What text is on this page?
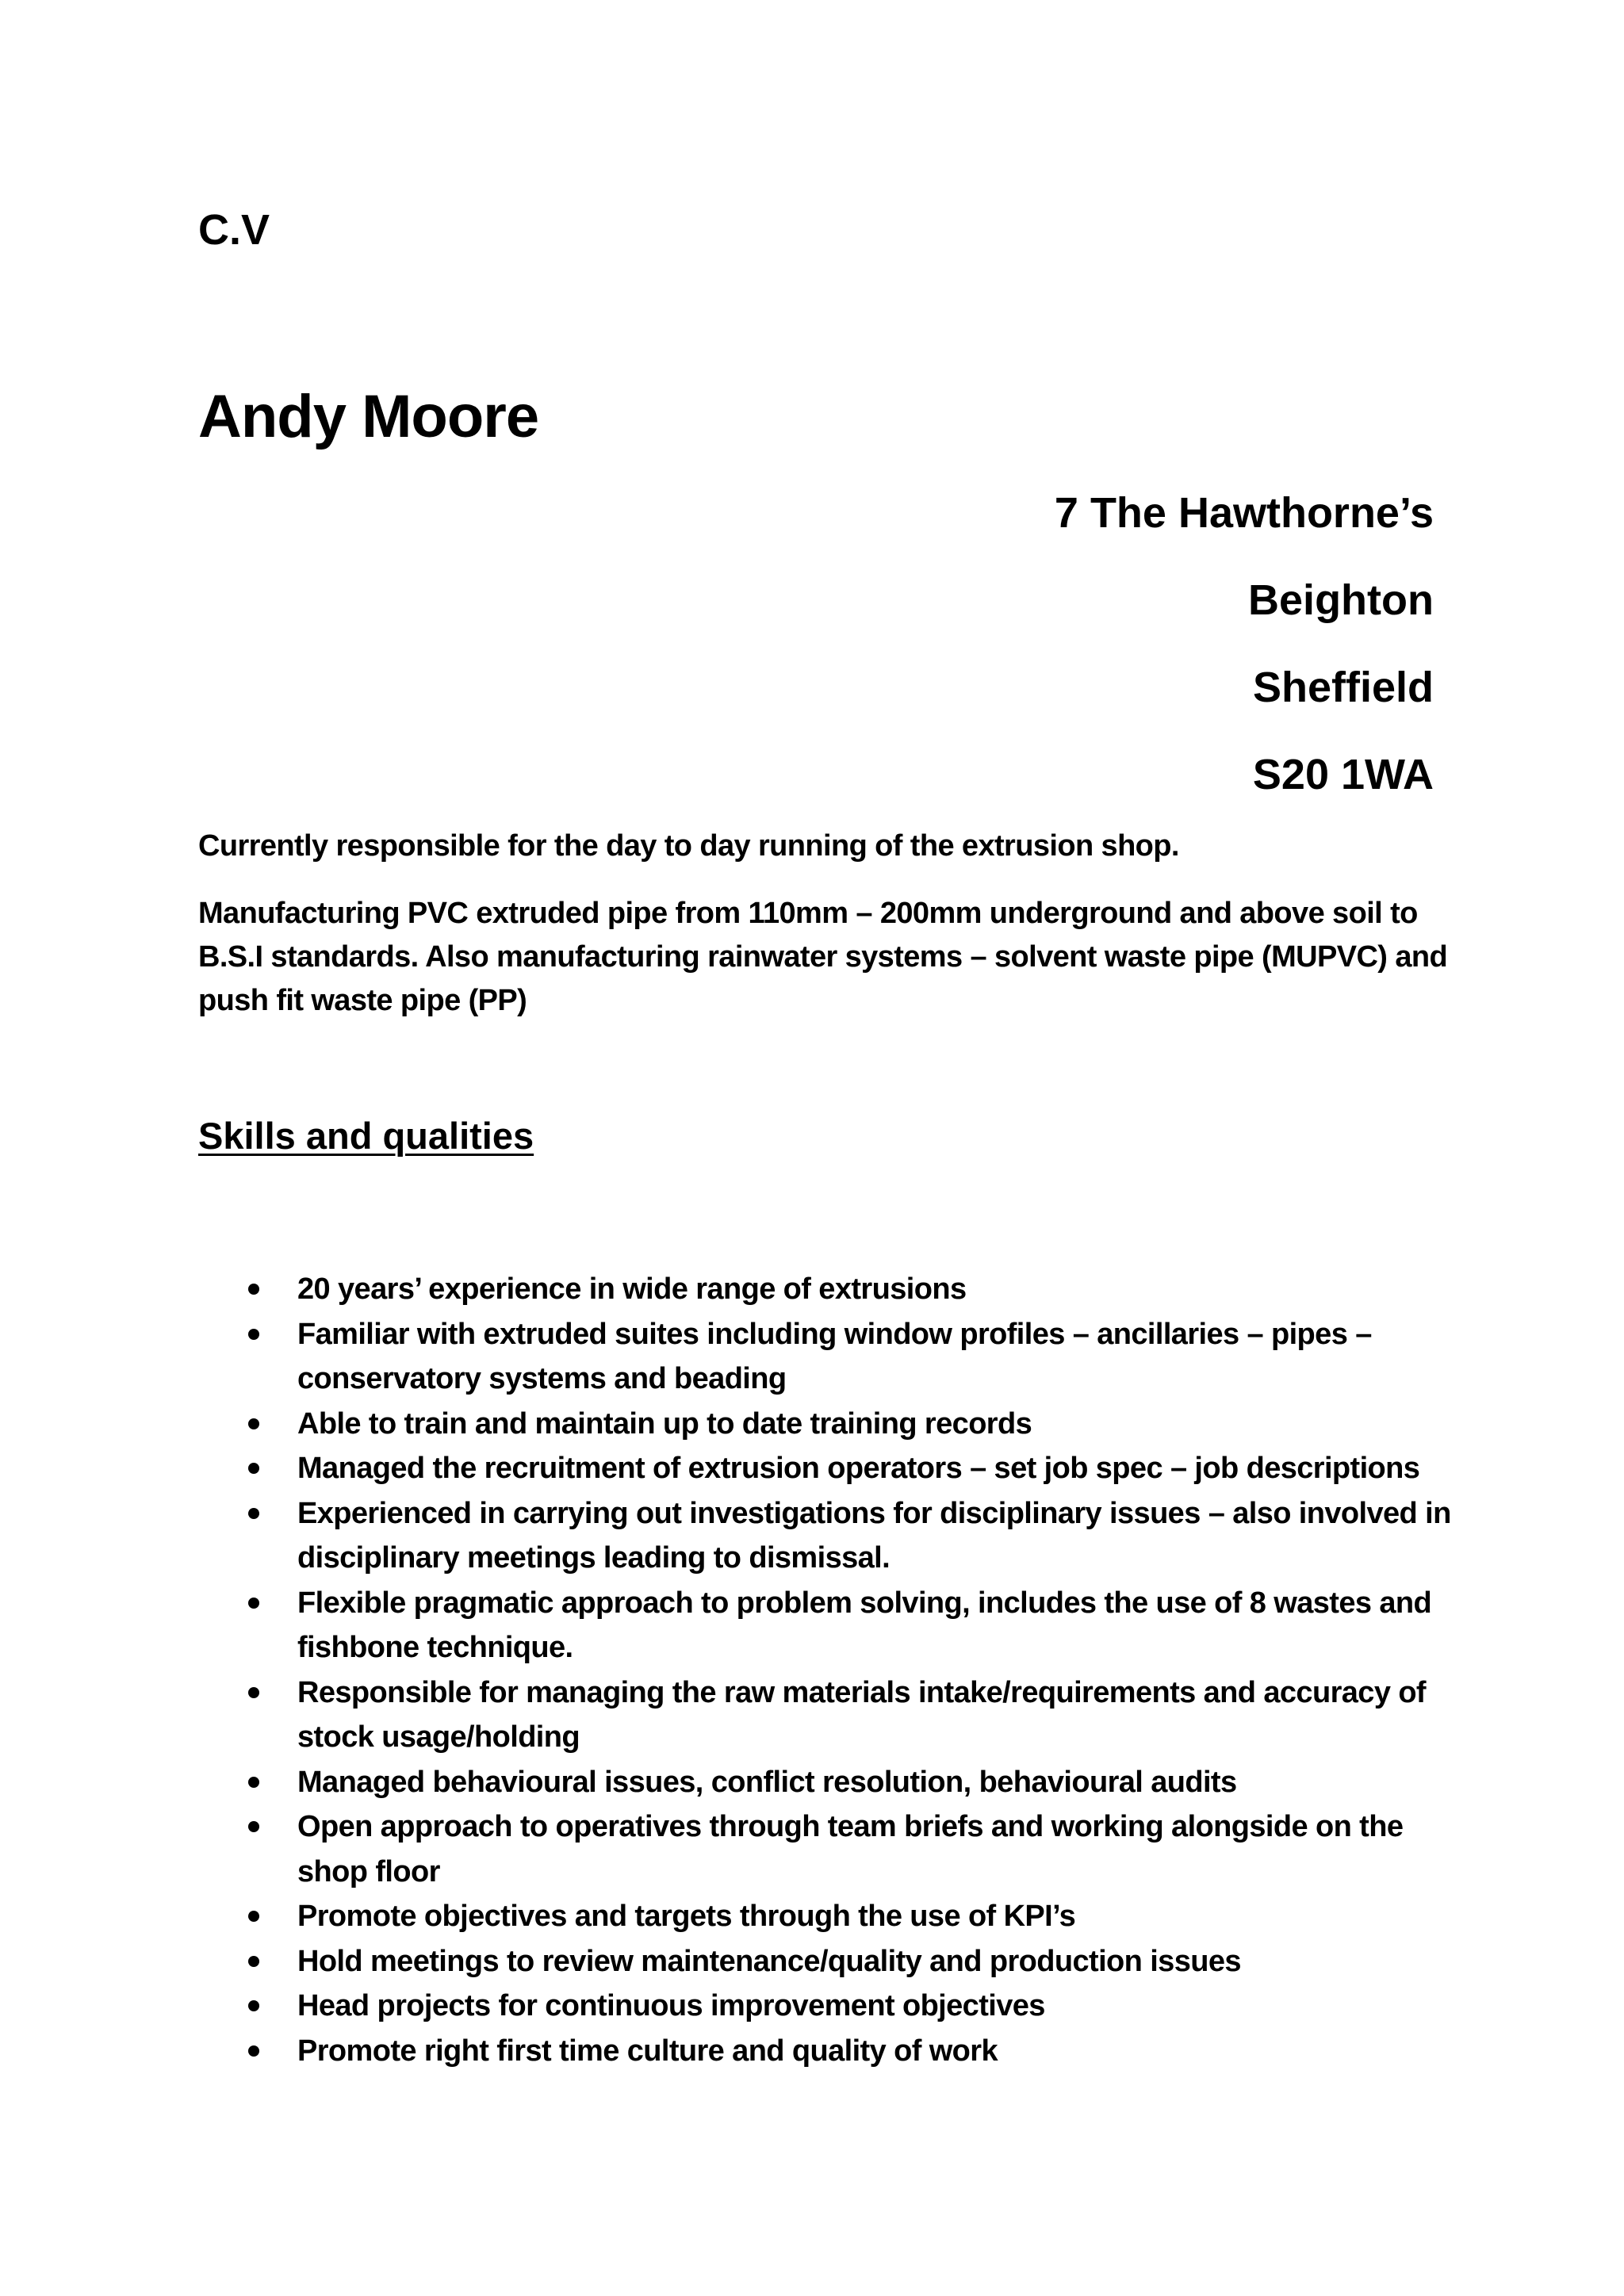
C.V
Andy Moore
7 The Hawthorne’s
Beighton
Sheffield
S20 1WA

Currently responsible for the day to day running of the extrusion shop.

Manufacturing PVC extruded pipe from 110mm – 200mm underground and above soil to B.S.I standards. Also manufacturing rainwater systems – solvent waste pipe (MUPVC) and push fit waste pipe (PP)

Skills and qualities
20 years’ experience in wide range of extrusions
Familiar with extruded suites including window profiles – ancillaries – pipes – conservatory systems and beading
Able to train and maintain up to date training records
Managed the recruitment of extrusion operators – set job spec – job descriptions
Experienced in carrying out investigations for disciplinary issues – also involved in disciplinary meetings leading to dismissal.
Flexible pragmatic approach to problem solving, includes the use of 8 wastes and fishbone technique.
Responsible for managing the raw materials intake/requirements and accuracy of stock usage/holding
Managed behavioural issues, conflict resolution, behavioural audits
Open approach to operatives through team briefs and working alongside on the shop floor
Promote objectives and targets through the use of KPI’s
Hold meetings to review maintenance/quality and production issues
Head projects for continuous improvement objectives
Promote right first time culture and quality of work
